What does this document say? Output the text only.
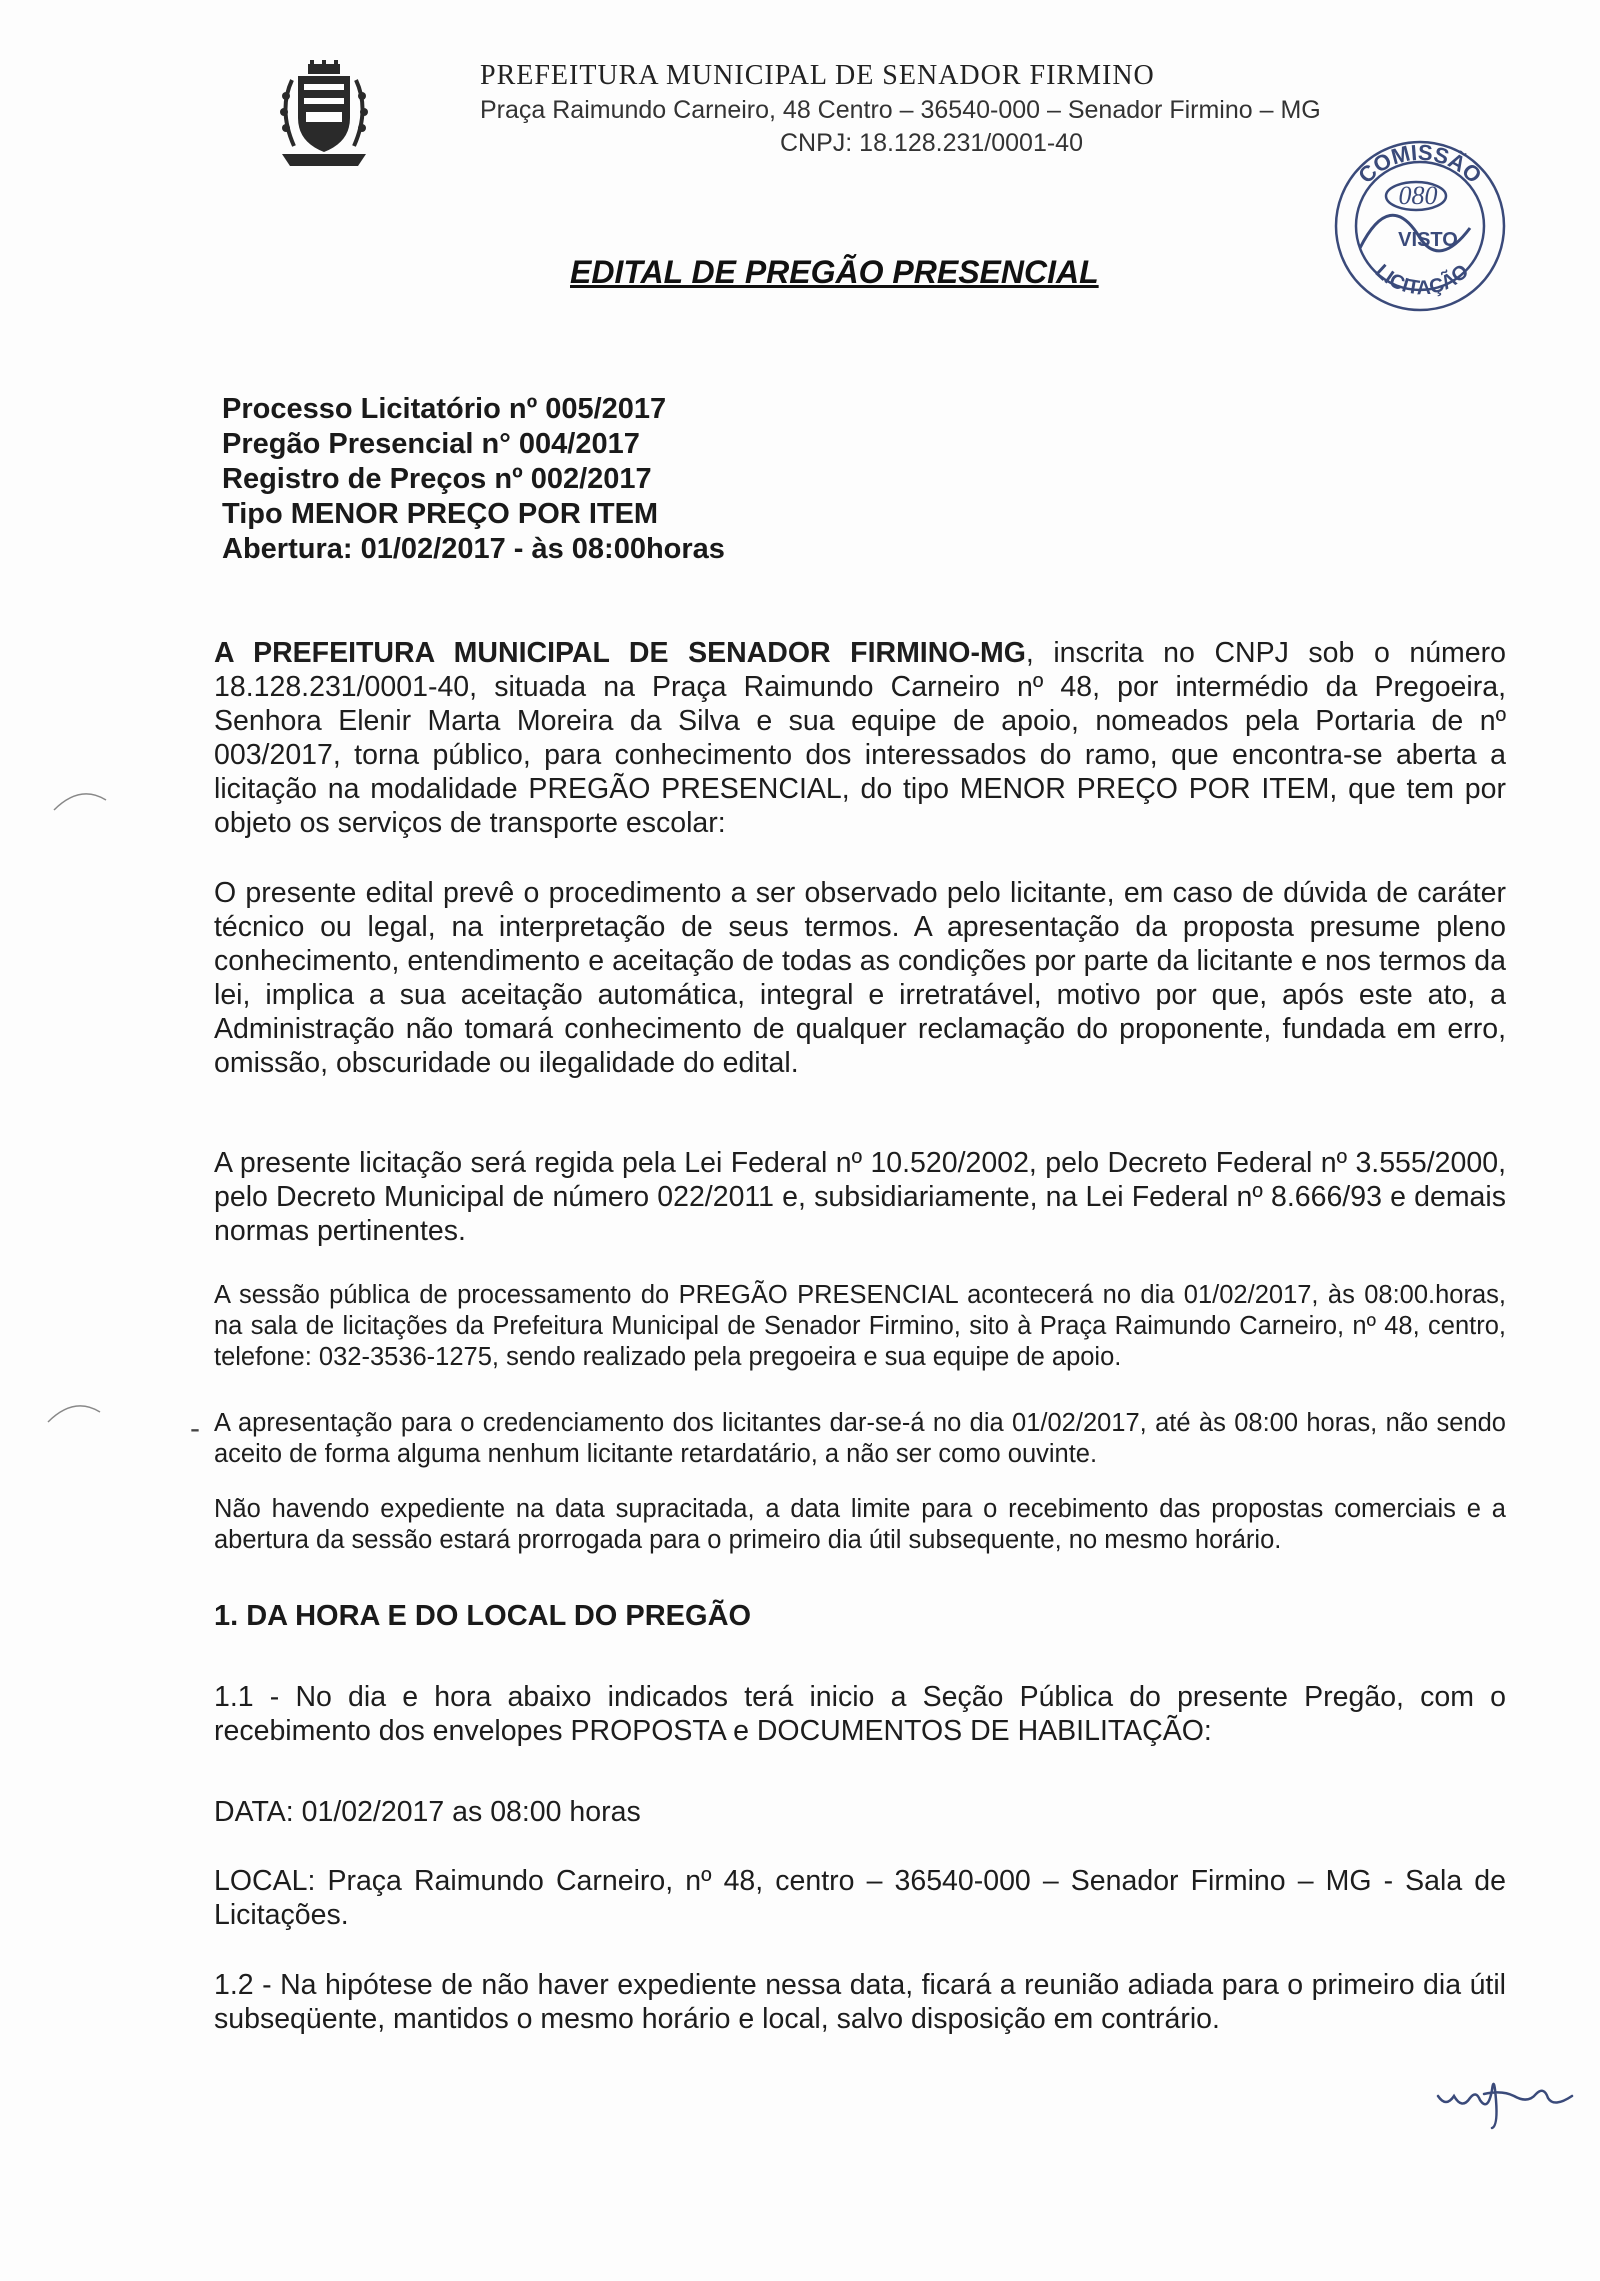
PREFEITURA MUNICIPAL DE SENADOR FIRMINO
Praça Raimundo Carneiro, 48 Centro – 36540-000 – Senador Firmino – MG
CNPJ: 18.128.231/0001-40
COMISSÃO
080
VISTO
LICITAÇÃO
EDITAL DE PREGÃO PRESENCIAL
Processo Licitatório nº 005/2017
Pregão Presencial n° 004/2017
Registro de Preços nº 002/2017
Tipo MENOR PREÇO POR ITEM
Abertura: 01/02/2017 - às 08:00horas

A PREFEITURA MUNICIPAL DE SENADOR FIRMINO-MG, inscrita no CNPJ sob o número 18.128.231/0001-40, situada na Praça Raimundo Carneiro nº 48, por intermédio da Pregoeira, Senhora Elenir Marta Moreira da Silva e sua equipe de apoio, nomeados pela Portaria de nº 003/2017, torna público, para conhecimento dos interessados do ramo, que encontra-se aberta a licitação na modalidade PREGÃO PRESENCIAL, do tipo MENOR PREÇO POR ITEM, que tem por objeto os serviços de transporte escolar:

O presente edital prevê o procedimento a ser observado pelo licitante, em caso de dúvida de caráter técnico ou legal, na interpretação de seus termos. A apresentação da proposta presume pleno conhecimento, entendimento e aceitação de todas as condições por parte da licitante e nos termos da lei, implica a sua aceitação automática, integral e irretratável, motivo por que, após este ato, a Administração não tomará conhecimento de qualquer reclamação do proponente, fundada em erro, omissão, obscuridade ou ilegalidade do edital.

A presente licitação será regida pela Lei Federal nº 10.520/2002, pelo Decreto Federal nº 3.555/2000, pelo Decreto Municipal de número 022/2011 e, subsidiariamente, na Lei Federal nº 8.666/93 e demais normas pertinentes.

A sessão pública de processamento do PREGÃO PRESENCIAL acontecerá no dia 01/02/2017, às 08:00.horas, na sala de licitações da Prefeitura Municipal de Senador Firmino, sito à Praça Raimundo Carneiro, nº 48, centro, telefone: 032-3536-1275, sendo realizado pela pregoeira e sua equipe de apoio.

- A apresentação para o credenciamento dos licitantes dar-se-á no dia 01/02/2017, até às 08:00 horas, não sendo aceito de forma alguma nenhum licitante retardatário, a não ser como ouvinte.

Não havendo expediente na data supracitada, a data limite para o recebimento das propostas comerciais e a abertura da sessão estará prorrogada para o primeiro dia útil subsequente, no mesmo horário.

1. DA HORA E DO LOCAL DO PREGÃO

1.1 - No dia e hora abaixo indicados terá inicio a Seção Pública do presente Pregão, com o recebimento dos envelopes PROPOSTA e DOCUMENTOS DE HABILITAÇÃO:

DATA: 01/02/2017 as 08:00 horas

LOCAL: Praça Raimundo Carneiro, nº 48, centro – 36540-000 – Senador Firmino – MG - Sala de Licitações.

1.2 - Na hipótese de não haver expediente nessa data, ficará a reunião adiada para o primeiro dia útil subseqüente, mantidos o mesmo horário e local, salvo disposição em contrário.
